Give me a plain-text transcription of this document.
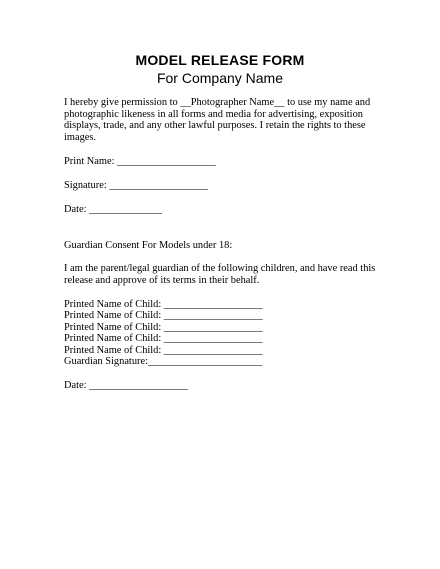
MODEL RELEASE FORM
For Company Name
I hereby give permission to __Photographer Name__ to use my name and
photographic likeness in all forms and media for advertising, exposition
displays, trade, and any other lawful purposes. I retain the rights to these
images.
Print Name: ___________________
Signature: ___________________
Date: ______________
Guardian Consent For Models under 18:
I am the parent/legal guardian of the following children, and have read this
release and approve of its terms in their behalf.
Printed Name of Child: ___________________
Printed Name of Child: ___________________
Printed Name of Child: ___________________
Printed Name of Child: ___________________
Printed Name of Child: ___________________
Guardian Signature:______________________
Date: ___________________
